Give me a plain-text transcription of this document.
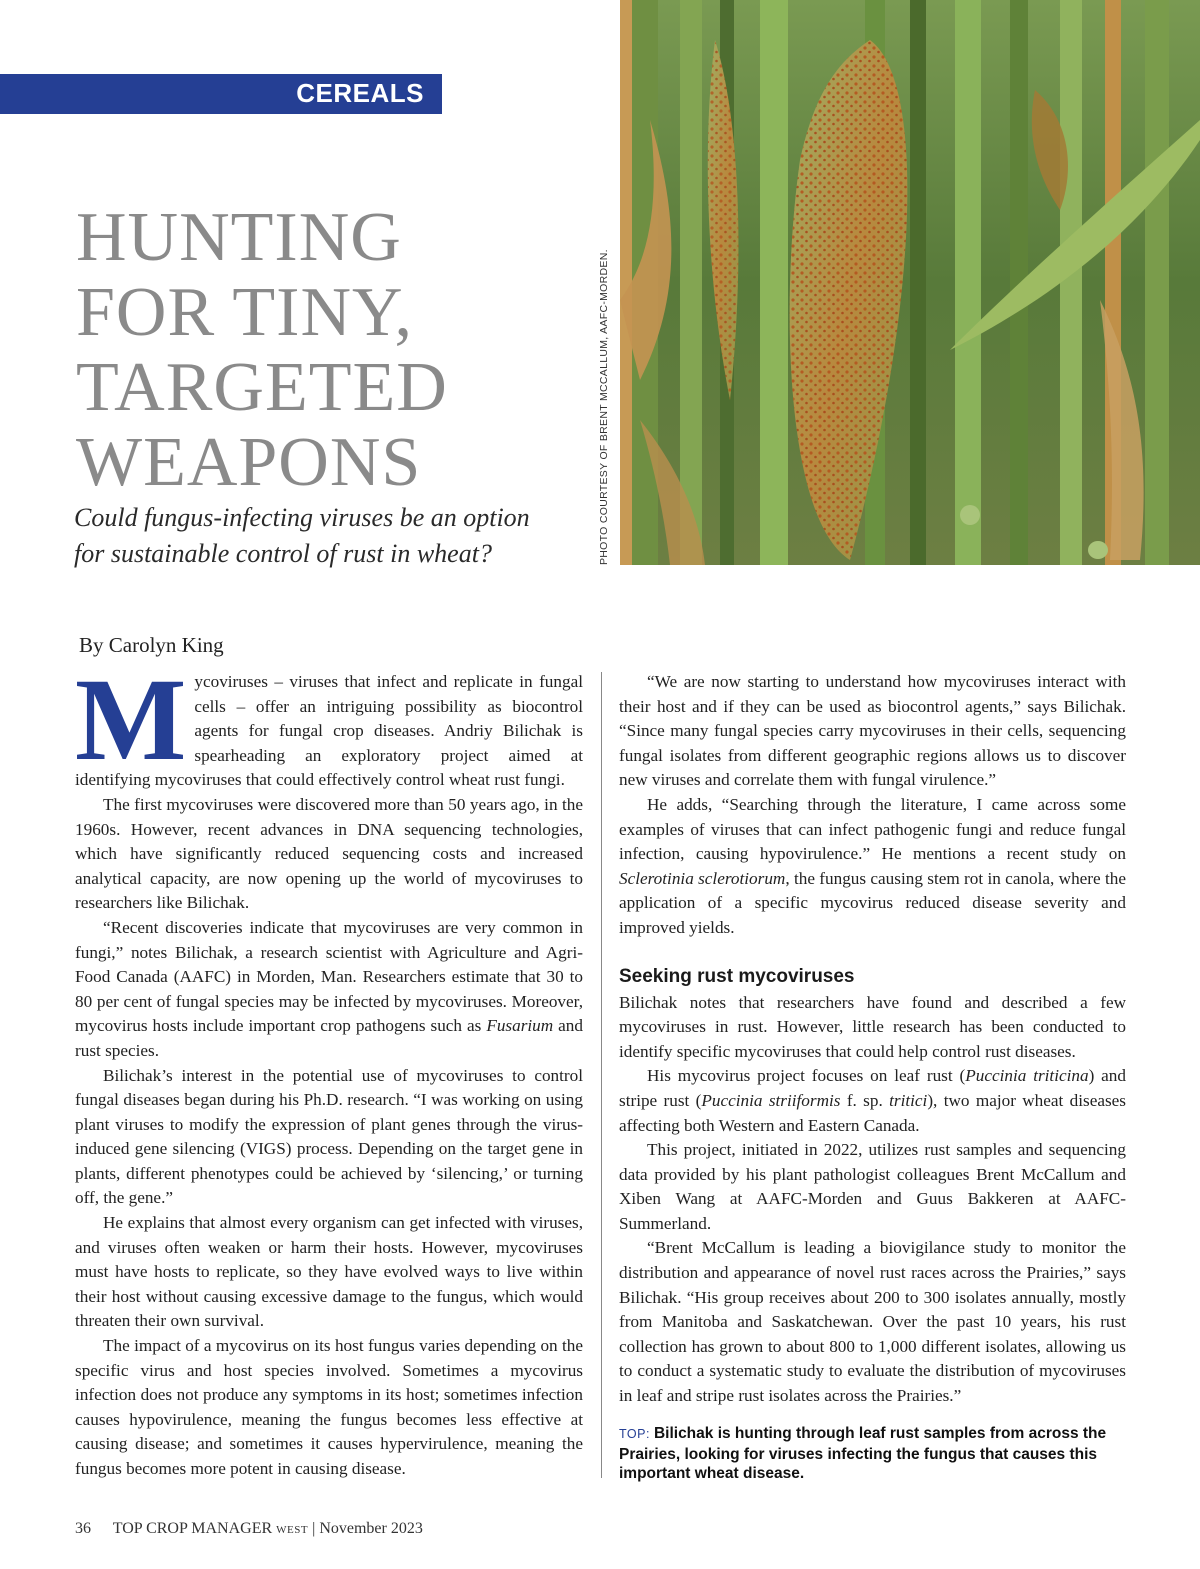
CEREALS
HUNTING
FOR TINY,
TARGETED
WEAPONS
Could fungus-infecting viruses be an option
for sustainable control of rust in wheat?	PHOTO COURTESY OF BRENT MCCALLUM, AAFC-MORDEN.
By Carolyn King

Mycoviruses – viruses that infect and replicate in fungal cells – offer an intriguing possibility as biocontrol agents for fungal crop diseases. Andriy Bilichak is spearheading an exploratory project aimed at identifying mycoviruses that could effectively control wheat rust fungi.

The first mycoviruses were discovered more than 50 years ago, in the 1960s. However, recent advances in DNA sequencing technologies, which have significantly reduced sequencing costs and increased analytical capacity, are now opening up the world of mycoviruses to researchers like Bilichak.

“Recent discoveries indicate that mycoviruses are very common in fungi,” notes Bilichak, a research scientist with Agriculture and Agri-Food Canada (AAFC) in Morden, Man. Researchers estimate that 30 to 80 per cent of fungal species may be infected by mycoviruses. Moreover, mycovirus hosts include important crop pathogens such as Fusarium and rust species.

Bilichak’s interest in the potential use of mycoviruses to control fungal diseases began during his Ph.D. research. “I was working on using plant viruses to modify the expression of plant genes through the virus-induced gene silencing (VIGS) process. Depending on the target gene in plants, different phenotypes could be achieved by ‘silencing,’ or turning off, the gene.”

He explains that almost every organism can get infected with viruses, and viruses often weaken or harm their hosts. However, mycoviruses must have hosts to replicate, so they have evolved ways to live within their host without causing excessive damage to the fungus, which would threaten their own survival.

The impact of a mycovirus on its host fungus varies depending on the specific virus and host species involved. Sometimes a mycovirus infection does not produce any symptoms in its host; sometimes infection causes hypovirulence, meaning the fungus becomes less effective at causing disease; and sometimes it causes hypervirulence, meaning the fungus becomes more potent in causing disease.

“We are now starting to understand how mycoviruses interact with their host and if they can be used as biocontrol agents,” says Bilichak. “Since many fungal species carry mycoviruses in their cells, sequencing fungal isolates from different geographic regions allows us to discover new viruses and correlate them with fungal virulence.”

He adds, “Searching through the literature, I came across some examples of viruses that can infect pathogenic fungi and reduce fungal infection, causing hypovirulence.” He mentions a recent study on Sclerotinia sclerotiorum, the fungus causing stem rot in canola, where the application of a specific mycovirus reduced disease severity and improved yields.

Seeking rust mycoviruses

Bilichak notes that researchers have found and described a few mycoviruses in rust. However, little research has been conducted to identify specific mycoviruses that could help control rust diseases.

His mycovirus project focuses on leaf rust (Puccinia triticina) and stripe rust (Puccinia striiformis f. sp. tritici), two major wheat diseases affecting both Western and Eastern Canada.

This project, initiated in 2022, utilizes rust samples and sequencing data provided by his plant pathologist colleagues Brent McCallum and Xiben Wang at AAFC-Morden and Guus Bakkeren at AAFC-Summerland.

“Brent McCallum is leading a biovigilance study to monitor the distribution and appearance of novel rust races across the Prairies,” says Bilichak. “His group receives about 200 to 300 isolates annually, mostly from Manitoba and Saskatchewan. Over the past 10 years, his rust collection has grown to about 800 to 1,000 different isolates, allowing us to conduct a systematic study to evaluate the distribution of mycoviruses in leaf and stripe rust isolates across the Prairies.”

TOP: Bilichak is hunting through leaf rust samples from across the Prairies, looking for viruses infecting the fungus that causes this important wheat disease.
36 TOP CROP MANAGER WEST | November 2023
